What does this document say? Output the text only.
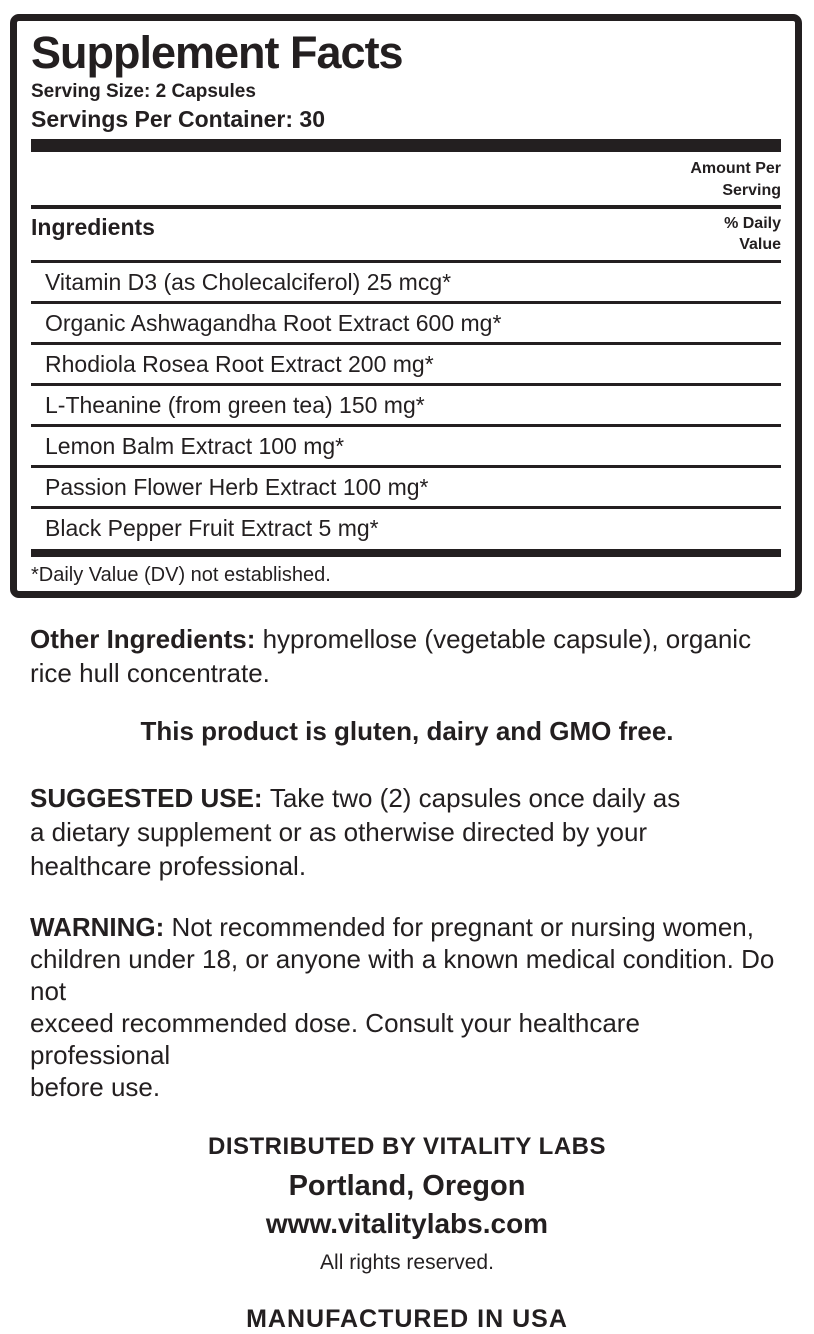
Supplement Facts
Serving Size: 2 Capsules
Servings Per Container: 30
Amount Per
Serving
Ingredients	% Daily
Value
Vitamin D3 (as Cholecalciferol) 25 mcg*
Organic Ashwagandha Root Extract 600 mg*
Rhodiola Rosea Root Extract 200 mg*
L-Theanine (from green tea) 150 mg*
Lemon Balm Extract 100 mg*
Passion Flower Herb Extract 100 mg*
Black Pepper Fruit Extract 5 mg*
*Daily Value (DV) not established.
Other Ingredients: hypromellose (vegetable capsule), organic
rice hull concentrate.
This product is gluten, dairy and GMO free.
SUGGESTED USE: Take two (2) capsules once daily as
a dietary supplement or as otherwise directed by your
healthcare professional.
WARNING: Not recommended for pregnant or nursing women,
children under 18, or anyone with a known medical condition. Do not
exceed recommended dose. Consult your healthcare professional
before use.
DISTRIBUTED BY VITALITY LABS
Portland, Oregon
www.vitalitylabs.com
All rights reserved.
MANUFACTURED IN USA
